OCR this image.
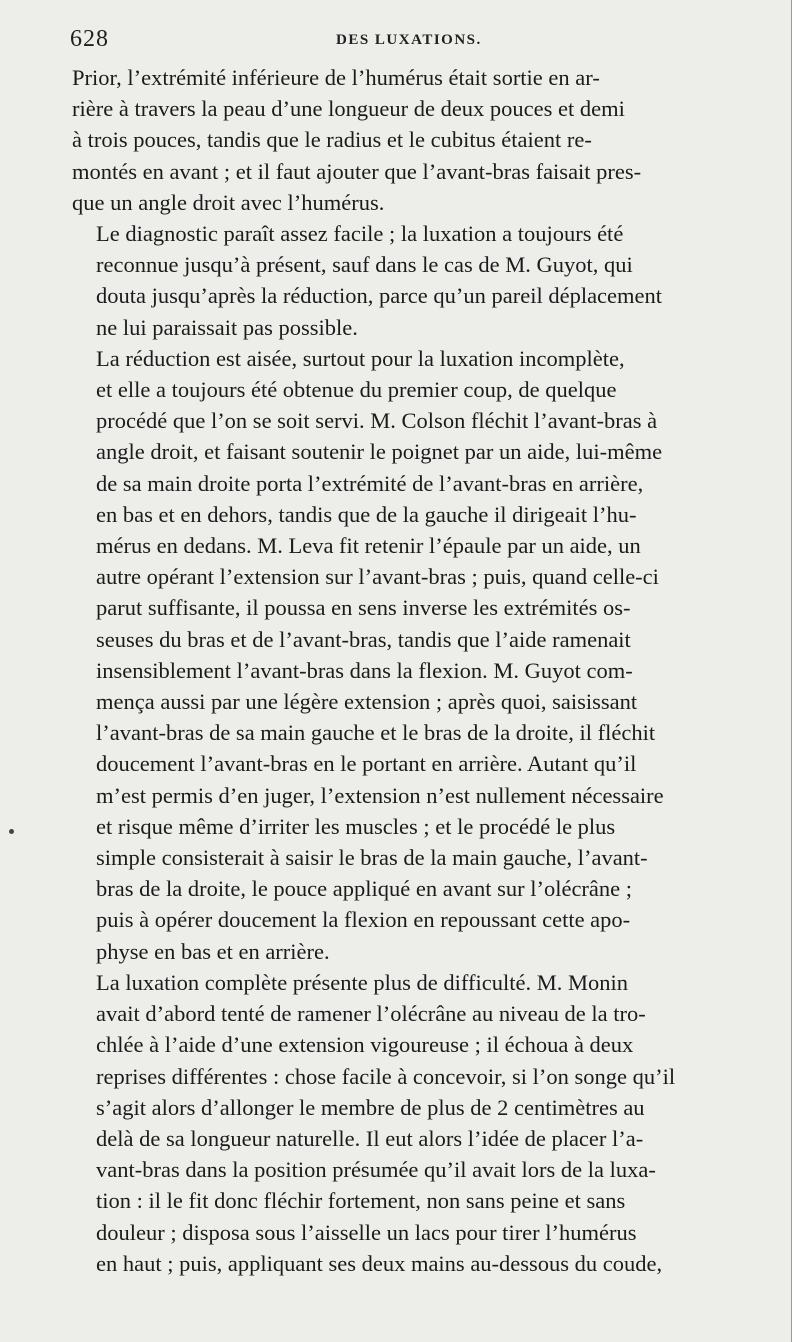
628	DES LUXATIONS.

Prior, l’extrémité inférieure de l’humérus était sortie en ar-
rière à travers la peau d’une longueur de deux pouces et demi
à trois pouces, tandis que le radius et le cubitus étaient re-
montés en avant ; et il faut ajouter que l’avant-bras faisait pres-
que un angle droit avec l’humérus.

Le diagnostic paraît assez facile ; la luxation a toujours été
reconnue jusqu’à présent, sauf dans le cas de M. Guyot, qui
douta jusqu’après la réduction, parce qu’un pareil déplacement
ne lui paraissait pas possible.

La réduction est aisée, surtout pour la luxation incomplète,
et elle a toujours été obtenue du premier coup, de quelque
procédé que l’on se soit servi. M. Colson fléchit l’avant-bras à
angle droit, et faisant soutenir le poignet par un aide, lui-même
de sa main droite porta l’extrémité de l’avant-bras en arrière,
en bas et en dehors, tandis que de la gauche il dirigeait l’hu-
mérus en dedans. M. Leva fit retenir l’épaule par un aide, un
autre opérant l’extension sur l’avant-bras ; puis, quand celle-ci
parut suffisante, il poussa en sens inverse les extrémités os-
seuses du bras et de l’avant-bras, tandis que l’aide ramenait
insensiblement l’avant-bras dans la flexion. M. Guyot com-
mença aussi par une légère extension ; après quoi, saisissant
l’avant-bras de sa main gauche et le bras de la droite, il fléchit
doucement l’avant-bras en le portant en arrière. Autant qu’il
m’est permis d’en juger, l’extension n’est nullement nécessaire
et risque même d’irriter les muscles ; et le procédé le plus
simple consisterait à saisir le bras de la main gauche, l’avant-
bras de la droite, le pouce appliqué en avant sur l’olécrâne ;
puis à opérer doucement la flexion en repoussant cette apo-
physe en bas et en arrière.

La luxation complète présente plus de difficulté. M. Monin
avait d’abord tenté de ramener l’olécrâne au niveau de la tro-
chlée à l’aide d’une extension vigoureuse ; il échoua à deux
reprises différentes : chose facile à concevoir, si l’on songe qu’il
s’agit alors d’allonger le membre de plus de 2 centimètres au
delà de sa longueur naturelle. Il eut alors l’idée de placer l’a-
vant-bras dans la position présumée qu’il avait lors de la luxa-
tion : il le fit donc fléchir fortement, non sans peine et sans
douleur ; disposa sous l’aisselle un lacs pour tirer l’humérus
en haut ; puis, appliquant ses deux mains au-dessous du coude,
